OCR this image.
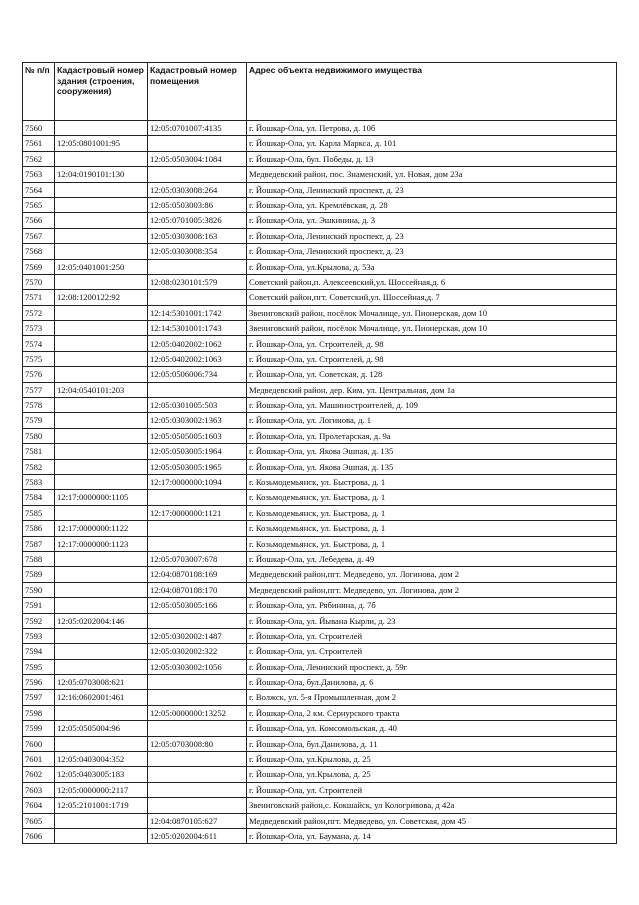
№ п/п	Кадастровый номер здания (строения, сооружения)	Кадастровый номер помещения	Адрес объекта недвижимого имущества
7560		12:05:0701007:4135	г. Йошкар-Ола, ул. Петрова, д. 10б
7561	12:05:0801001:95		г. Йошкар-Ола, ул. Карла Маркса, д. 101
7562		12:05:0503004:1084	г. Йошкар-Ола, бул. Победы, д. 13
7563	12:04:0190101:130		Медведевский район, пос. Знаменский, ул. Новая, дом 23а
7564		12:05:0303008:264	г. Йошкар-Ола, Ленинский проспект, д. 23
7565		12:05:0503003:86	г. Йошкар-Ола, ул. Кремлёвская, д. 28
7566		12:05:0701005:3826	г. Йошкар-Ола, ул. Эшкинина, д. 3
7567		12:05:0303008:163	г. Йошкар-Ола, Ленинский проспект, д. 23
7568		12:05:0303008:354	г. Йошкар-Ола, Ленинский проспект, д. 23
7569	12:05:0401001:250		г. Йошкар-Ола, ул.Крылова, д. 53а
7570		12:08:0230101:579	Советский район,п. Алексеевский,ул. Шоссейная,д. 6
7571	12:08:1200122:92		Советский район,пгт. Советский,ул. Шоссейная,д. 7
7572		12:14:5301001:1742	Звениговский район, посёлок Мочалище, ул. Пионерская, дом 10
7573		12:14:5301001:1743	Звениговский район, посёлок Мочалище, ул. Пионерская, дом 10
7574		12:05:0402002:1062	г. Йошкар-Ола, ул. Строителей, д. 98
7575		12:05:0402002:1063	г. Йошкар-Ола, ул. Строителей, д. 98
7576		12:05:0506006:734	г. Йошкар-Ола, ул. Советская, д. 128
7577	12:04:0540101:203		Медведевский район, дер. Ким, ул. Центральная, дом 1а
7578		12:05:0301005:503	г. Йошкар-Ола, ул. Машиностроителей, д. 109
7579		12:05:0303002:1363	г. Йошкар-Ола, ул. Логинова, д. 1
7580		12:05:0505005:1603	г. Йошкар-Ола, ул. Пролетарская, д. 9а
7581		12:05:0503005:1964	г. Йошкар-Ола, ул. Якова Эшпая, д. 135
7582		12:05:0503005:1965	г. Йошкар-Ола, ул. Якова Эшпая, д. 135
7583		12:17:0000000:1094	г. Козьмодемьянск, ул. Быстрова, д. 1
7584	12:17:0000000:1105		г. Козьмодемьянск, ул. Быстрова, д. 1
7585		12:17:0000000:1121	г. Козьмодемьянск, ул. Быстрова, д. 1
7586	12:17:0000000:1122		г. Козьмодемьянск, ул. Быстрова, д. 1
7587	12:17:0000000:1123		г. Козьмодемьянск, ул. Быстрова, д. 1
7588		12:05:0703007:678	г. Йошкар-Ола, ул. Лебедева, д. 49
7589		12:04:0870108:169	Медведевский район,пгт. Медведево, ул. Логинова, дом 2
7590		12:04:0870108:170	Медведевский район,пгт. Медведево, ул. Логинова, дом 2
7591		12:05:0503005:166	г. Йошкар-Ола, ул. Рябинина, д. 7б
7592	12:05:0202004:146		г. Йошкар-Ола, ул. Йывана Кырли, д. 23
7593		12:05:0302002:1487	г. Йошкар-Ола, ул. Строителей
7594		12:05:0302002:322	г. Йошкар-Ола, ул. Строителей
7595		12:05:0303002:1056	г. Йошкар-Ола, Ленинский проспект, д. 59г
7596	12:05:0703008:621		г. Йошкар-Ола, бул.Данилова, д. 6
7597	12:16:0602001:461		г. Волжск, ул. 5-я Промышленная, дом 2
7598		12:05:0000000:13252	г. Йошкар-Ола, 2 км. Сернурского тракта
7599	12:05:0505004:96		г. Йошкар-Ола, ул. Комсомольская, д. 40
7600		12:05:0703008:80	г. Йошкар-Ола, бул.Данилова, д. 11
7601	12:05:0403004:352		г. Йошкар-Ола, ул.Крылова, д. 25
7602	12:05:0403005:183		г. Йошкар-Ола, ул.Крылова, д. 25
7603	12:05:0000000:2117		г. Йошкар-Ола, ул. Строителей
7604	12:05:2101001:1719		Звениговский район,с. Кокшайск, ул Кологривова, д 42а
7605		12:04:0870105:627	Медведевский район,пгт. Медведево, ул. Советская, дом 45
7606		12:05:0202004:611	г. Йошкар-Ола, ул. Баумана, д. 14
